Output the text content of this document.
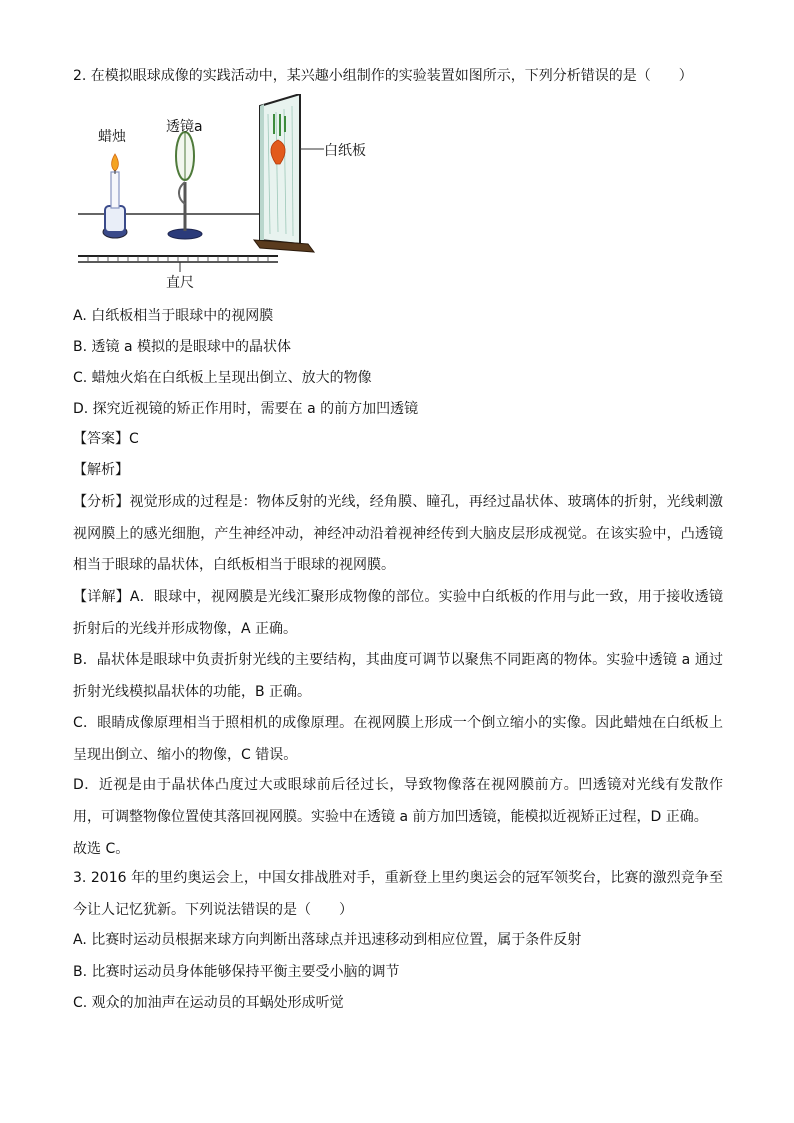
2. 在模拟眼球成像的实践活动中，某兴趣小组制作的实验装置如图所示，下列分析错误的是（　　）
蜡烛
透镜a
白纸板
直尺
A. 白纸板相当于眼球中的视网膜
B. 透镜 a 模拟的是眼球中的晶状体
C. 蜡烛火焰在白纸板上呈现出倒立、放大的物像
D. 探究近视镜的矫正作用时，需要在 a 的前方加凹透镜
【答案】C
【解析】
【分析】视觉形成的过程是：物体反射的光线，经角膜、瞳孔，再经过晶状体、玻璃体的折射，光线刺激视网膜上的感光细胞，产生神经冲动，神经冲动沿着视神经传到大脑皮层形成视觉。在该实验中，凸透镜相当于眼球的晶状体，白纸板相当于眼球的视网膜。
【详解】A．眼球中，视网膜是光线汇聚形成物像的部位。实验中白纸板的作用与此一致，用于接收透镜折射后的光线并形成物像，A 正确。
B．晶状体是眼球中负责折射光线的主要结构，其曲度可调节以聚焦不同距离的物体。实验中透镜 a 通过折射光线模拟晶状体的功能，B 正确。
C．眼睛成像原理相当于照相机的成像原理。在视网膜上形成一个倒立缩小的实像。因此蜡烛在白纸板上呈现出倒立、缩小的物像，C 错误。
D．近视是由于晶状体凸度过大或眼球前后径过长，导致物像落在视网膜前方。凹透镜对光线有发散作用，可调整物像位置使其落回视网膜。实验中在透镜 a 前方加凹透镜，能模拟近视矫正过程，D 正确。
故选 C。
3. 2016 年的里约奥运会上，中国女排战胜对手，重新登上里约奥运会的冠军领奖台，比赛的激烈竞争至今让人记忆犹新。下列说法错误的是（　　）
A. 比赛时运动员根据来球方向判断出落球点并迅速移动到相应位置，属于条件反射
B. 比赛时运动员身体能够保持平衡主要受小脑的调节
C. 观众的加油声在运动员的耳蜗处形成听觉
